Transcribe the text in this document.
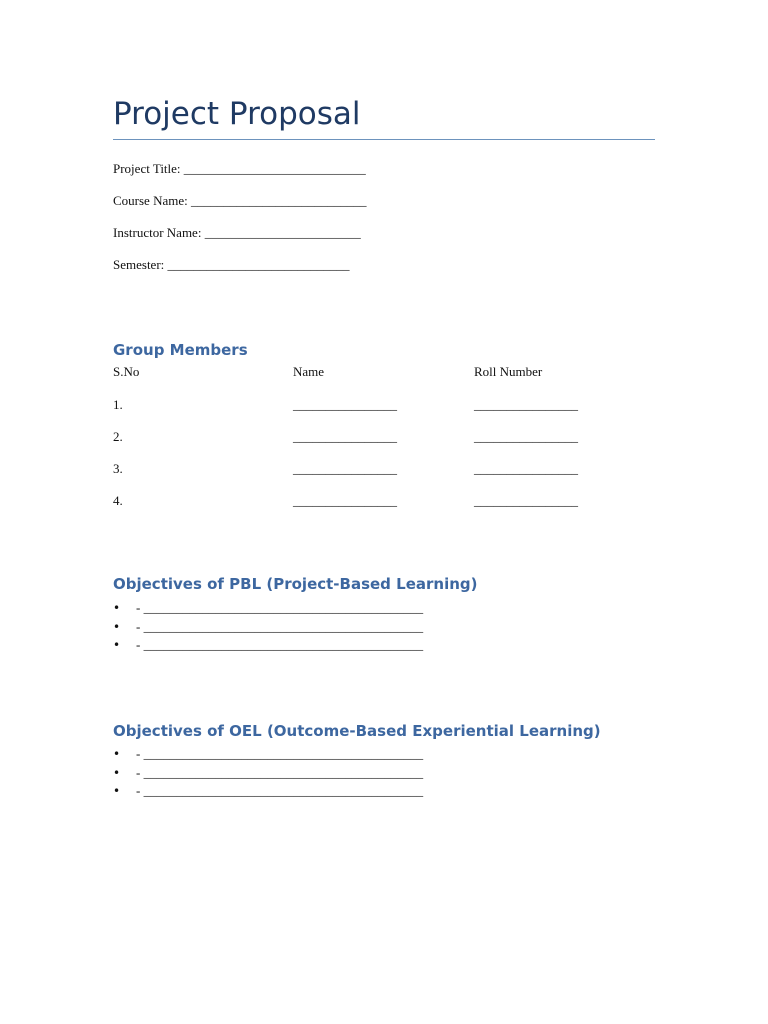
Project Proposal
Project Title: ____________________________
Course Name: ___________________________
Instructor Name: ________________________
Semester: ____________________________
Group Members
S.No	Name	Roll Number
1.	________________	________________
2.	________________	________________
3.	________________	________________
4.	________________	________________
Objectives of PBL (Project-Based Learning)
• - ___________________________________________
• - ___________________________________________
• - ___________________________________________
Objectives of OEL (Outcome-Based Experiential Learning)
• - ___________________________________________
• - ___________________________________________
• - ___________________________________________
